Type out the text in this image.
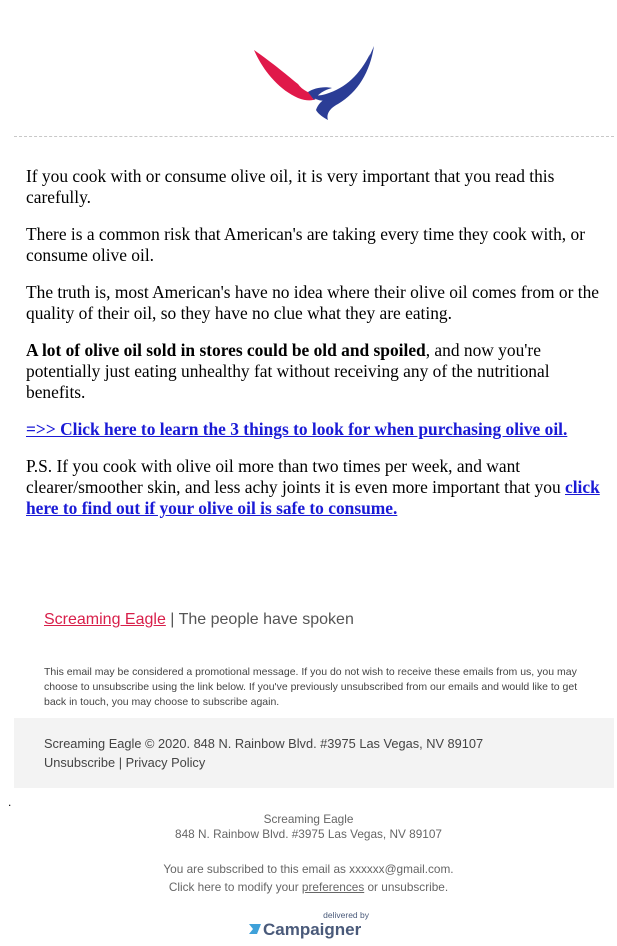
If you cook with or consume olive oil, it is very important that you read this carefully.

There is a common risk that American's are taking every time they cook with, or consume olive oil.

The truth is, most American's have no idea where their olive oil comes from or the quality of their oil, so they have no clue what they are eating.

A lot of olive oil sold in stores could be old and spoiled, and now you're potentially just eating unhealthy fat without receiving any of the nutritional benefits.

=>> Click here to learn the 3 things to look for when purchasing olive oil.

P.S. If you cook with olive oil more than two times per week, and want clearer/smoother skin, and less achy joints it is even more important that you click here to find out if your olive oil is safe to consume.

Screaming Eagle | The people have spoken
This email may be considered a promotional message. If you do not wish to receive these emails from us, you may choose to unsubscribe using the link below. If you've previously unsubscribed from our emails and would like to get back in touch, you may choose to subscribe again.
Screaming Eagle © 2020. 848 N. Rainbow Blvd. #3975 Las Vegas, NV 89107
Unsubscribe | Privacy Policy
.
Screaming Eagle
848 N. Rainbow Blvd. #3975 Las Vegas, NV 89107
You are subscribed to this email as xxxxxx@gmail.com.
Click here to modify your preferences or unsubscribe.
delivered by
Campaigner
